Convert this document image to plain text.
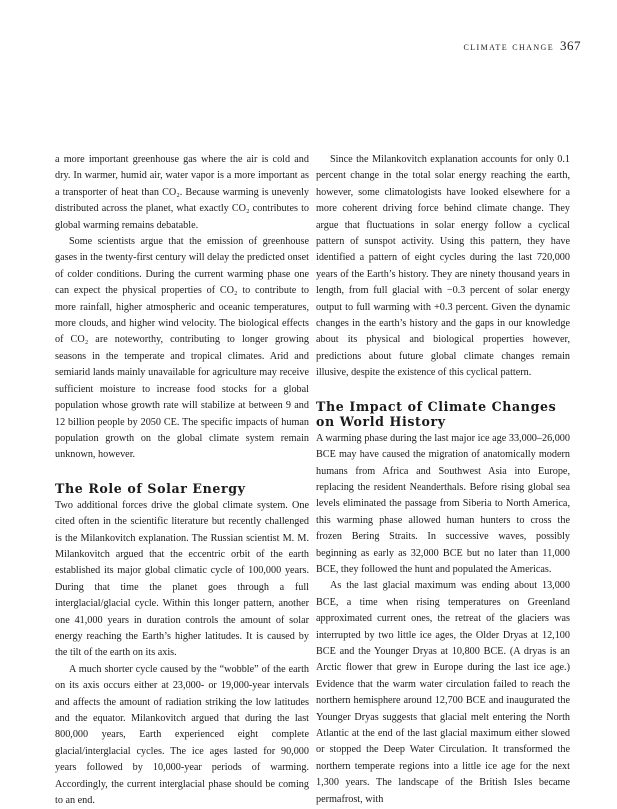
climate change 367

a more important greenhouse gas where the air is cold and dry. In warmer, humid air, water vapor is a more important as a transporter of heat than CO₂. Because warming is unevenly distributed across the planet, what exactly CO₂ contributes to global warming remains debatable.

Some scientists argue that the emission of greenhouse gases in the twenty-first century will delay the predicted onset of colder conditions. During the current warming phase one can expect the physical properties of CO₂ to contribute to more rainfall, higher atmospheric and oceanic temperatures, more clouds, and higher wind velocity. The biological effects of CO₂ are noteworthy, contributing to longer growing seasons in the temperate and tropical climates. Arid and semiarid lands mainly unavailable for agriculture may receive sufficient moisture to increase food stocks for a global population whose growth rate will stabilize at between 9 and 12 billion people by 2050 CE. The specific impacts of human population growth on the global climate system remain unknown, however.

The Role of Solar Energy

Two additional forces drive the global climate system. One cited often in the scientific literature but recently challenged is the Milankovitch explanation. The Russian scientist M. M. Milankovitch argued that the eccentric orbit of the earth established its major global climatic cycle of 100,000 years. During that time the planet goes through a full interglacial/glacial cycle. Within this longer pattern, another one 41,000 years in duration controls the amount of solar energy reaching the Earth’s higher latitudes. It is caused by the tilt of the earth on its axis.

A much shorter cycle caused by the “wobble” of the earth on its axis occurs either at 23,000- or 19,000-year intervals and affects the amount of radiation striking the low latitudes and the equator. Milankovitch argued that during the last 800,000 years, Earth experienced eight complete glacial/interglacial cycles. The ice ages lasted for 90,000 years followed by 10,000-year periods of warming. Accordingly, the current interglacial phase should be coming to an end.

Since the Milankovitch explanation accounts for only 0.1 percent change in the total solar energy reaching the earth, however, some climatologists have looked elsewhere for a more coherent driving force behind climate change. They argue that fluctuations in solar energy follow a cyclical pattern of sunspot activity. Using this pattern, they have identified a pattern of eight cycles during the last 720,000 years of the Earth’s history. They are ninety thousand years in length, from full glacial with −0.3 percent of solar energy output to full warming with +0.3 percent. Given the dynamic changes in the earth’s history and the gaps in our knowledge about its physical and biological properties however, predictions about future global climate changes remain illusive, despite the existence of this cyclical pattern.

The Impact of Climate Changes on World History

A warming phase during the last major ice age 33,000–26,000 BCE may have caused the migration of anatomically modern humans from Africa and Southwest Asia into Europe, replacing the resident Neanderthals. Before rising global sea levels eliminated the passage from Siberia to North America, this warming phase allowed human hunters to cross the frozen Bering Straits. In successive waves, possibly beginning as early as 32,000 BCE but no later than 11,000 BCE, they followed the hunt and populated the Americas.

As the last glacial maximum was ending about 13,000 BCE, a time when rising temperatures on Greenland approximated current ones, the retreat of the glaciers was interrupted by two little ice ages, the Older Dryas at 12,100 BCE and the Younger Dryas at 10,800 BCE. (A dryas is an Arctic flower that grew in Europe during the last ice age.) Evidence that the warm water circulation failed to reach the northern hemisphere around 12,700 BCE and inaugurated the Younger Dryas suggests that glacial melt entering the North Atlantic at the end of the last glacial maximum either slowed or stopped the Deep Water Circulation. It transformed the northern temperate regions into a little ice age for the next 1,300 years. The landscape of the British Isles became permafrost, with
